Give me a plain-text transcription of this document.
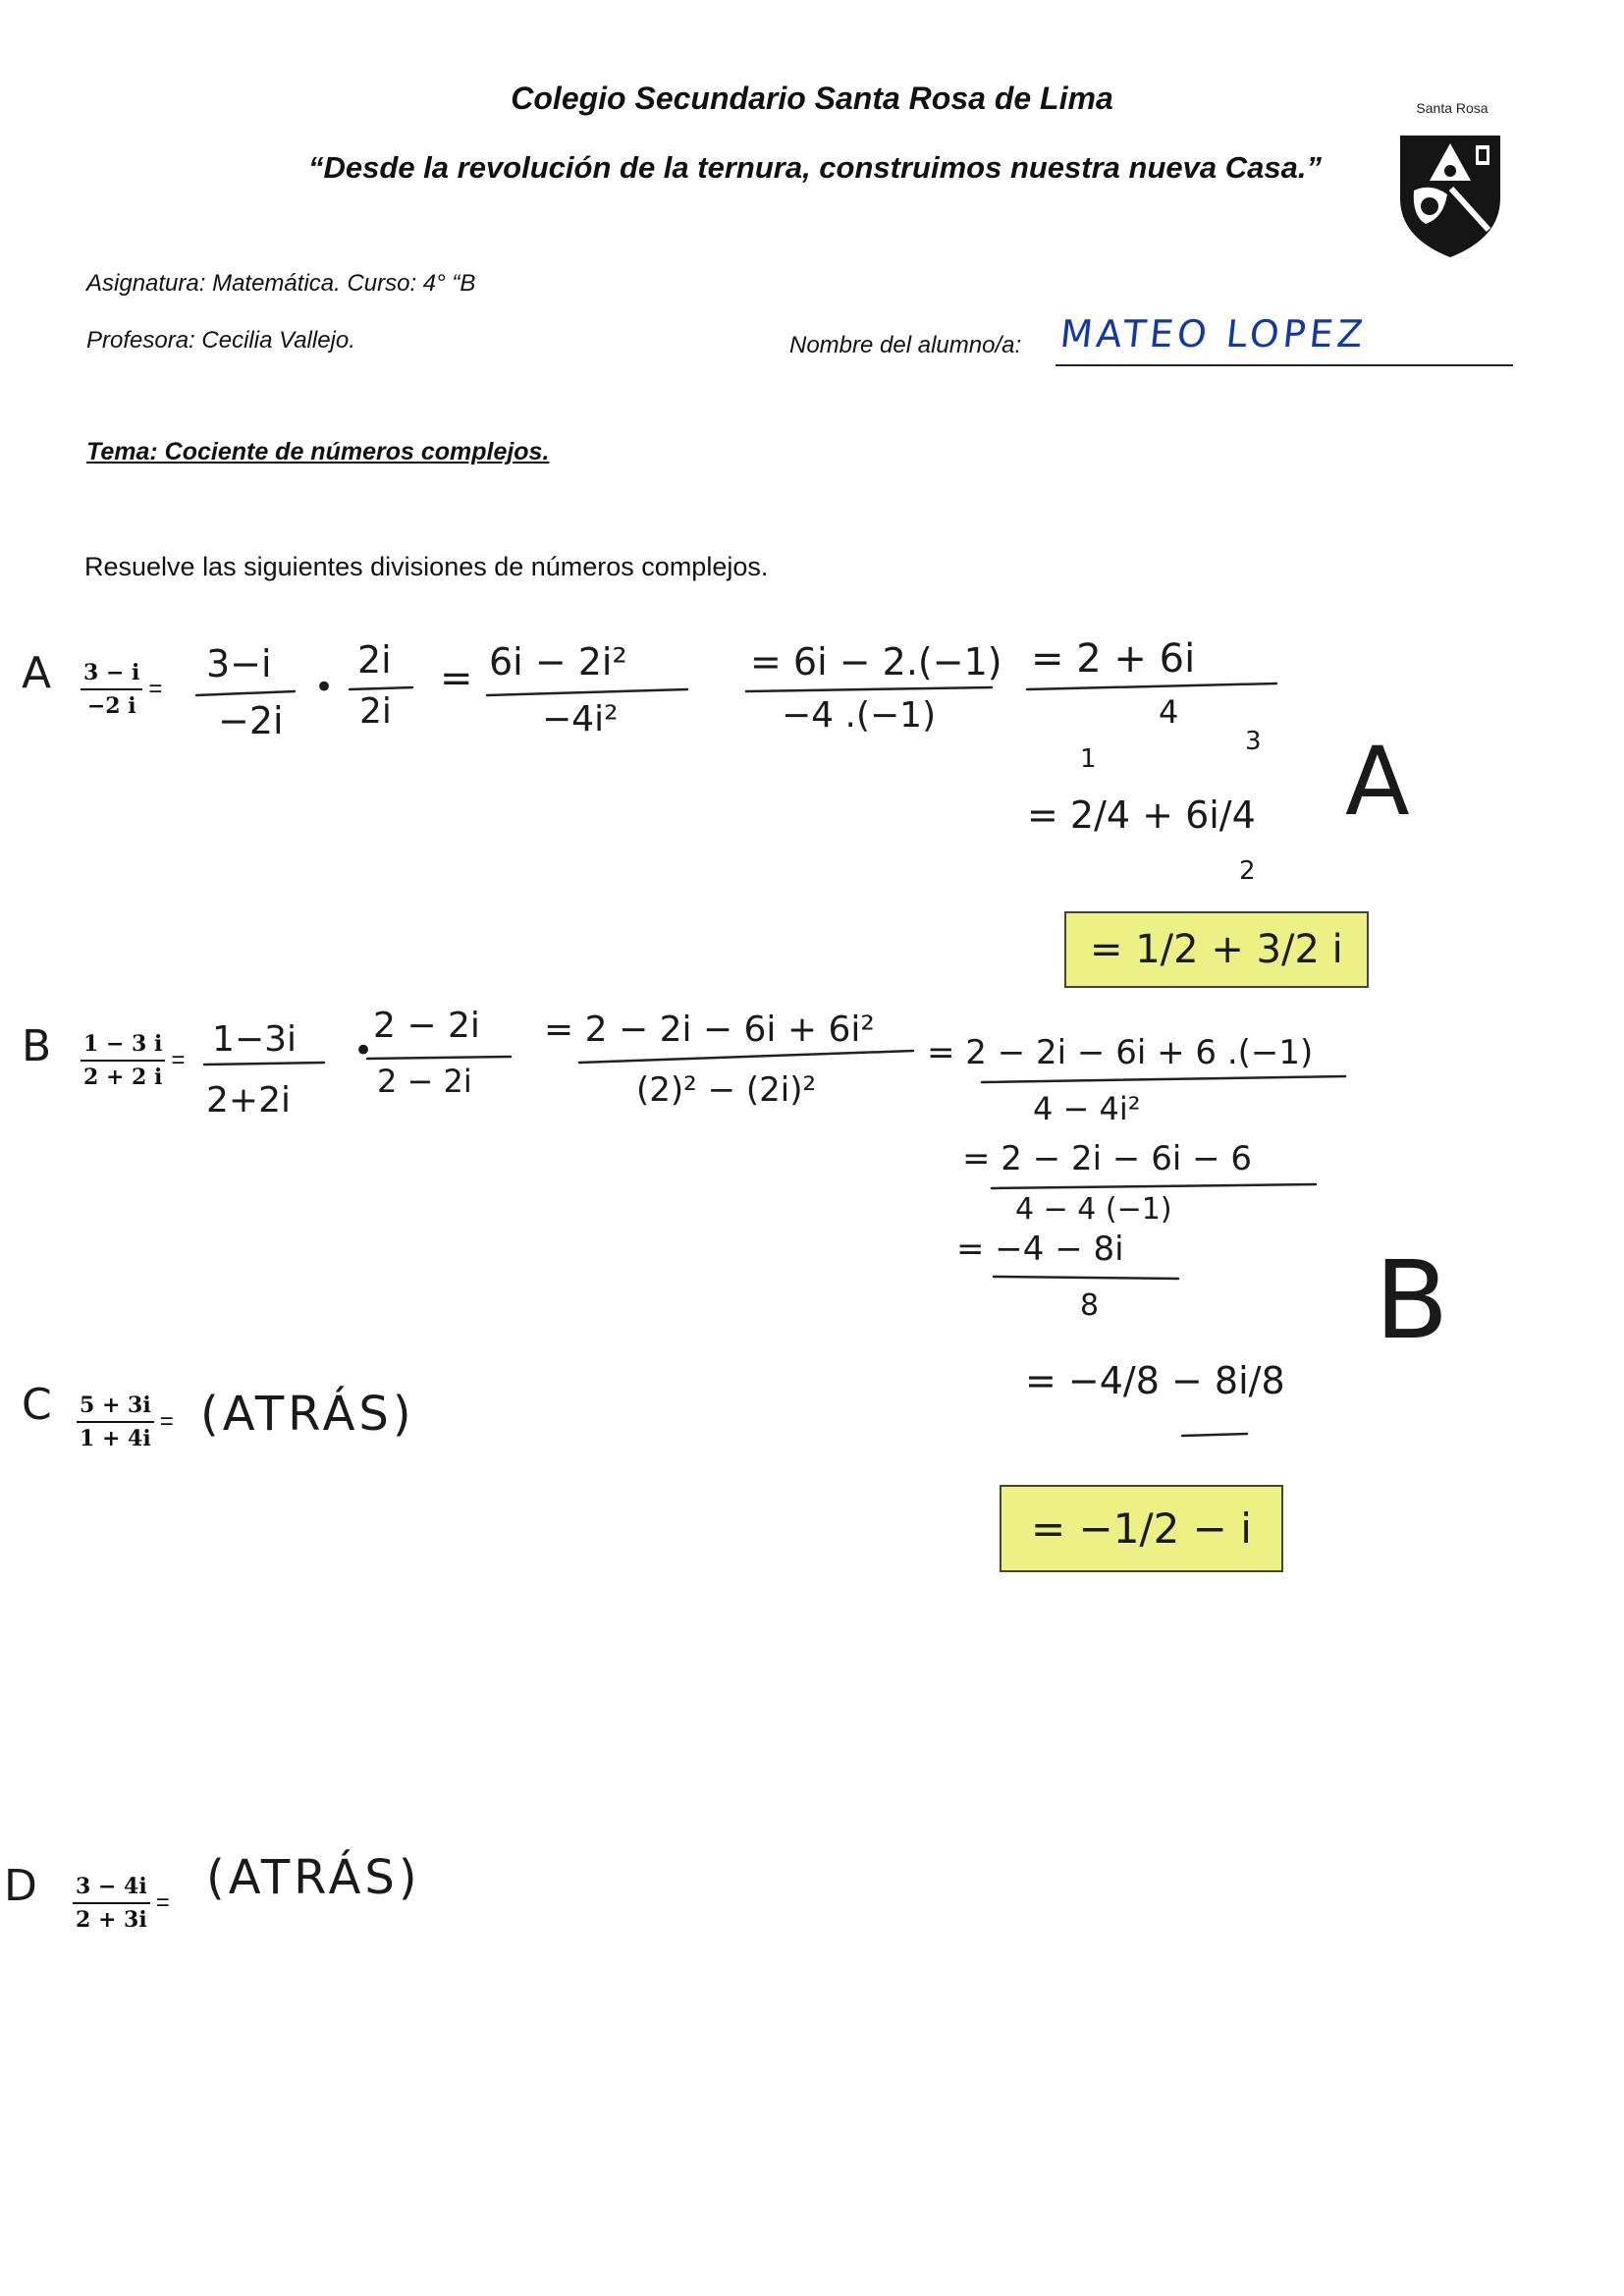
Colegio Secundario Santa Rosa de Lima
“Desde la revolución de la ternura, construimos nuestra nueva Casa.”
Santa Rosa
Asignatura: Matemática. Curso: 4° “B
Profesora: Cecilia Vallejo.	Nombre del alumno/a: MATEO LOPEZ
Tema: Cociente de números complejos.
Resuelve las siguientes divisiones de números complejos.
A $\frac{3 - i}{-2 i}$ =
B $\frac{1 - 3 i}{2 + 2 i}$ =
C $\frac{5 + 3i}{1 + 4i}$ = (ATRÁS)
D $\frac{3 - 4i}{2 + 3i}$ = (ATRÁS)
3−i
−2i
•
2i
2i
= 6i − 2i²
−4i²
= 6i − 2.(−1)
−4 .(−1)
= 2 + 6i
4
= 2/4 + 6i/4
1
3
2
= 1/2 + 3/2 i
A
1−3i
2+2i
•
2 − 2i
2 − 2i
= 2 − 2i − 6i + 6i²
(2)² − (2i)²
= 2 − 2i − 6i + 6 .(−1)
4 − 4i²
= 2 − 2i − 6i − 6
4 − 4 (−1)
= −4 − 8i
8
= −4/8 − 8i/8
= −1/2 − i
B
